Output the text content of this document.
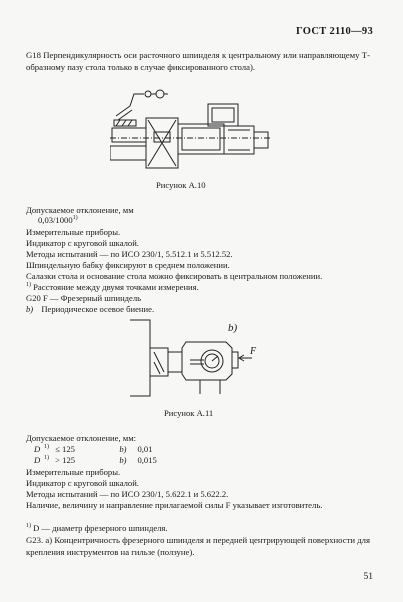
ГОСТ 2110—93
G18 Перпендикулярность оси расточного шпинделя к центральному или направляющему Т-образному пазу стола только в случае фиксированного стола).
Рисунок А.10
Допускаемое отклонение, мм
0,03/1000$^{1)}$
Измерительные приборы.
Индикатор с круговой шкалой.
Методы испытаний — по ИСО 230/1, 5.512.1 и 5.512.52.
Шпиндельную бабку фиксируют в среднем положении.
Салазки стола и основание стола можно фиксировать в центральном положении.
$^{1)}$ Расстояние между двумя точками измерения.
G20 F — Фрезерный шпиндель
b) Периодическое осевое биение.
b)
F
Рисунок А.11
Допускаемое отклонение, мм:
D $^{1)}$ ≤ 125	b) 0,01
D $^{1)}$ > 125	b) 0,015
Измерительные приборы.
Индикатор с круговой шкалой.
Методы испытаний — по ИСО 230/1, 5.622.1 и 5.622.2.
Наличие, величину и направление прилагаемой силы F указывает изготовитель.
$^{1)}$ D — диаметр фрезерного шпинделя.
G23. a) Концентричность фрезерного шпинделя и передней центрирующей поверхности для крепления инструментов на гильзе (ползуне).
51
